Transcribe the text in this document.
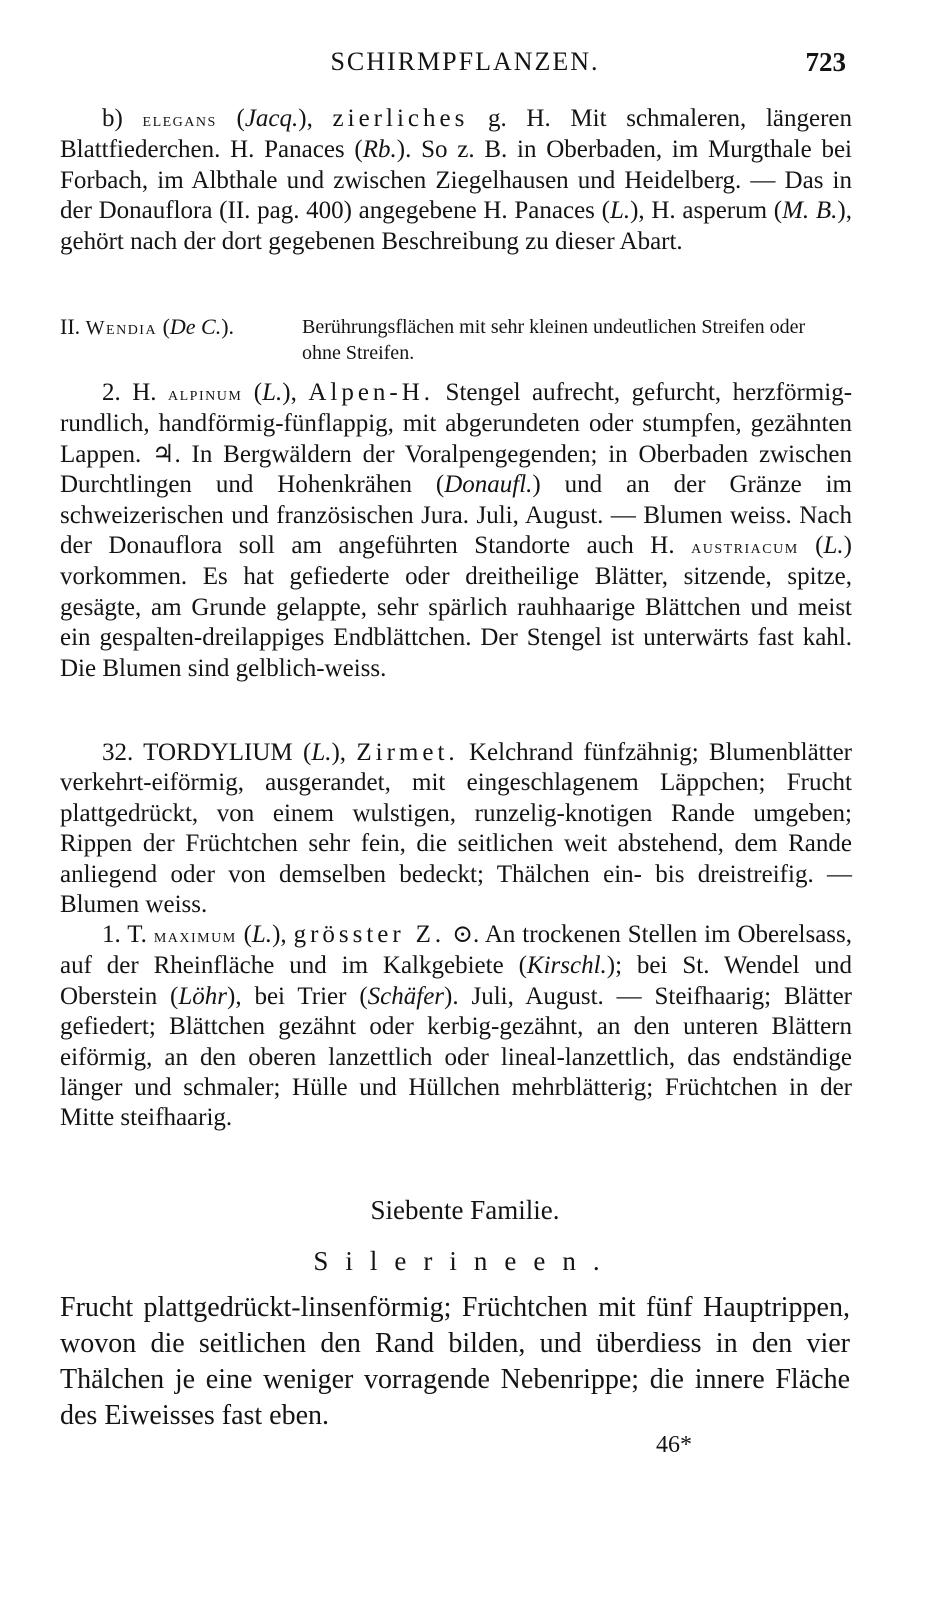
SCHIRMPFLANZEN.	723

b) elegans (Jacq.), zierliches g. H. Mit schmaleren, längeren Blattfiederchen. H. Panaces (Rb.). So z. B. in Oberbaden, im Murgthale bei Forbach, im Albthale und zwischen Ziegelhausen und Heidelberg. — Das in der Donauflora (II. pag. 400) angegebene H. Panaces (L.), H. asperum (M. B.), gehört nach der dort gegebenen Beschreibung zu dieser Abart.

II. Wendia (De C.).	Berührungsflächen mit sehr kleinen undeutlichen Streifen oder ohne Streifen.

2. H. alpinum (L.), Alpen-H. Stengel aufrecht, gefurcht, herzförmig-rundlich, handförmig-fünflappig, mit abgerundeten oder stumpfen, gezähnten Lappen. ♃. In Bergwäldern der Voralpengegenden; in Oberbaden zwischen Durchtlingen und Hohenkrähen (Donaufl.) und an der Gränze im schweizerischen und französischen Jura. Juli, August. — Blumen weiss. Nach der Donauflora soll am angeführten Standorte auch H. austriacum (L.) vorkommen. Es hat gefiederte oder dreitheilige Blätter, sitzende, spitze, gesägte, am Grunde gelappte, sehr spärlich rauhhaarige Blättchen und meist ein gespalten-dreilappiges Endblättchen. Der Stengel ist unterwärts fast kahl. Die Blumen sind gelblich-weiss.

32. TORDYLIUM (L.), Zirmet. Kelchrand fünfzähnig; Blumenblätter verkehrt-eiförmig, ausgerandet, mit eingeschlagenem Läppchen; Frucht plattgedrückt, von einem wulstigen, runzelig-knotigen Rande umgeben; Rippen der Früchtchen sehr fein, die seitlichen weit abstehend, dem Rande anliegend oder von demselben bedeckt; Thälchen ein- bis dreistreifig. — Blumen weiss.

1. T. maximum (L.), grösster Z. ⊙. An trockenen Stellen im Oberelsass, auf der Rheinfläche und im Kalkgebiete (Kirschl.); bei St. Wendel und Oberstein (Löhr), bei Trier (Schäfer). Juli, August. — Steifhaarig; Blätter gefiedert; Blättchen gezähnt oder kerbig-gezähnt, an den unteren Blättern eiförmig, an den oberen lanzettlich oder lineal-lanzettlich, das endständige länger und schmaler; Hülle und Hüllchen mehrblätterig; Früchtchen in der Mitte steifhaarig.

Siebente Familie.
Silerineen.

Frucht plattgedrückt-linsenförmig; Früchtchen mit fünf Hauptrippen, wovon die seitlichen den Rand bilden, und überdiess in den vier Thälchen je eine weniger vorragende Nebenrippe; die innere Fläche des Eiweisses fast eben.

46*
